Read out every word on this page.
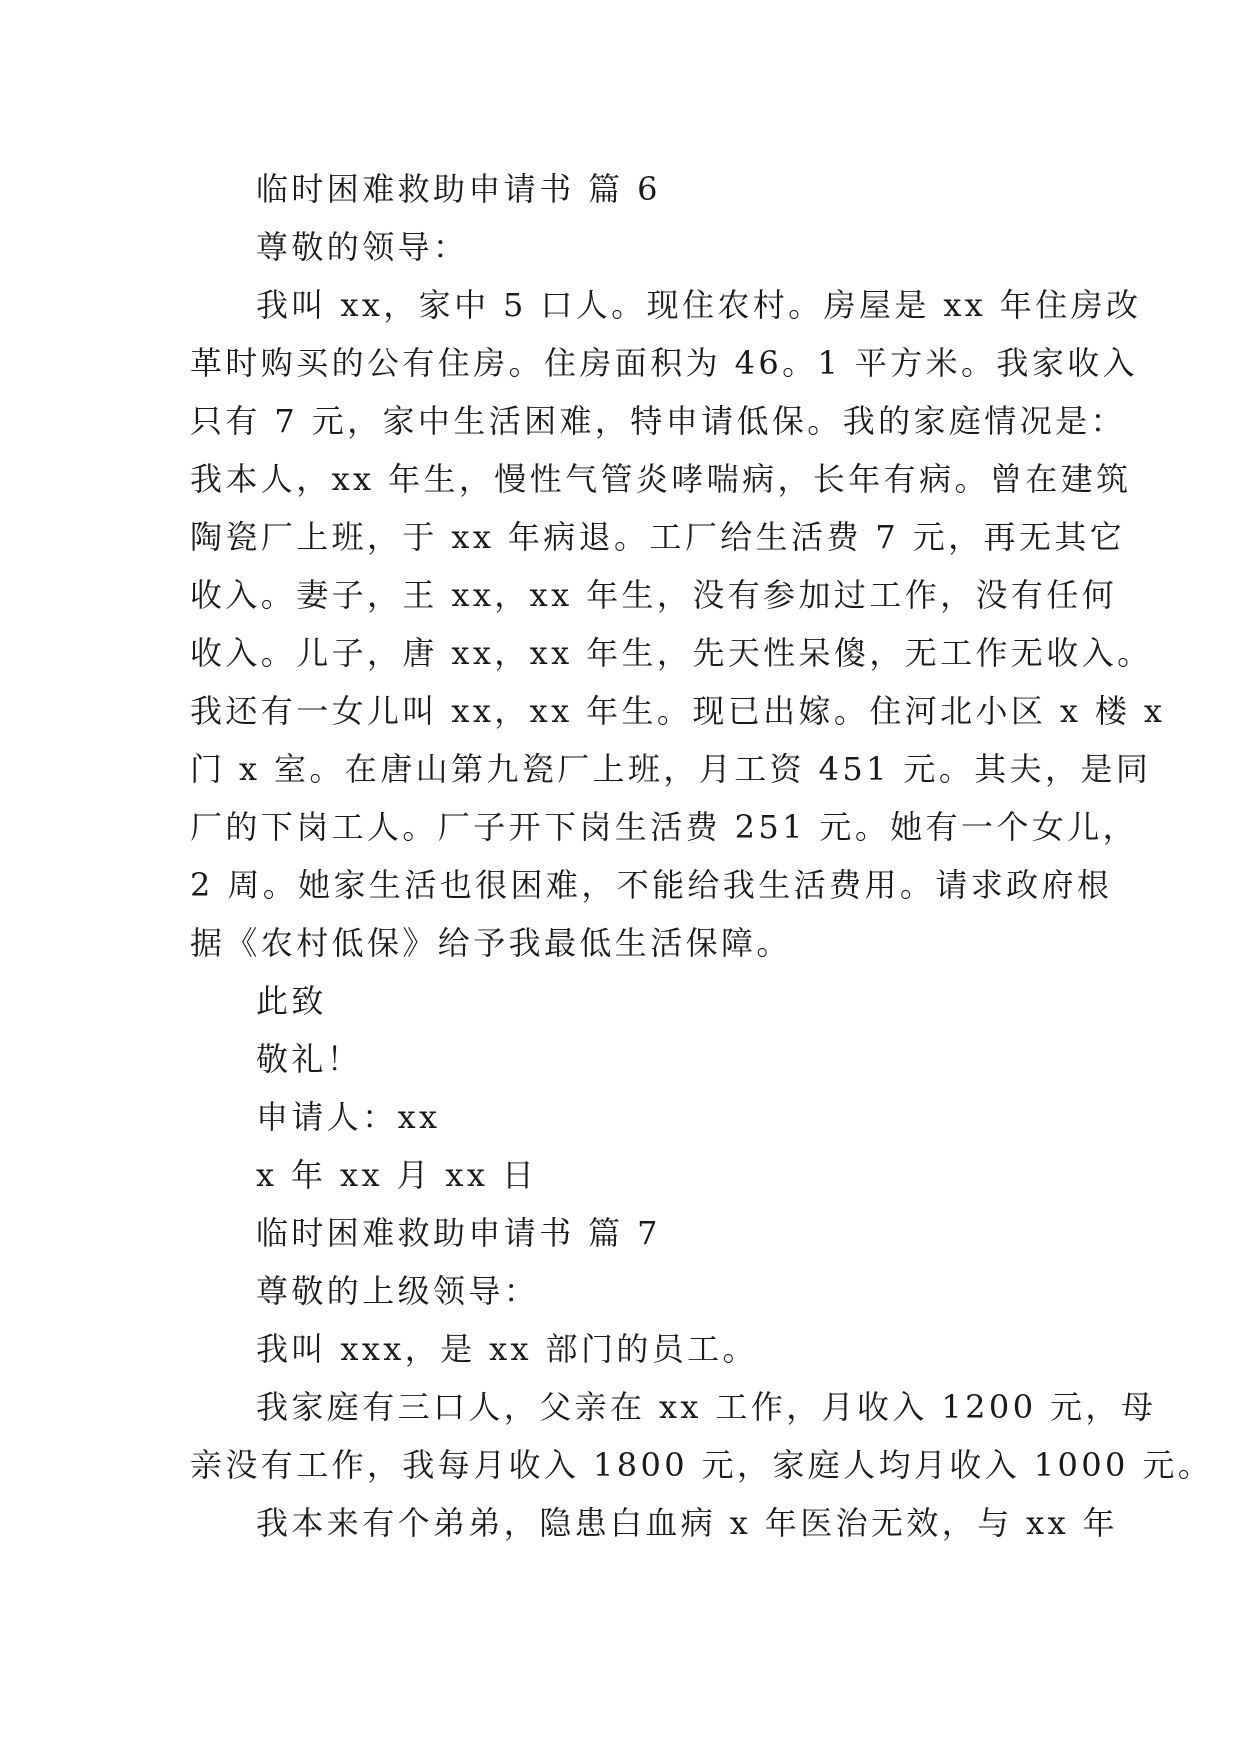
临时困难救助申请书 篇 6
尊敬的领导：
我叫 xx，家中 5 口人。现住农村。房屋是 xx 年住房改
革时购买的公有住房。住房面积为 46。1 平方米。我家收入
只有 7 元，家中生活困难，特申请低保。我的家庭情况是：
我本人，xx 年生，慢性气管炎哮喘病，长年有病。曾在建筑
陶瓷厂上班，于 xx 年病退。工厂给生活费 7 元，再无其它
收入。妻子，王 xx，xx 年生，没有参加过工作，没有任何
收入。儿子，唐 xx，xx 年生，先天性呆傻，无工作无收入。
我还有一女儿叫 xx，xx 年生。现已出嫁。住河北小区 x 楼 x
门 x 室。在唐山第九瓷厂上班，月工资 451 元。其夫，是同
厂的下岗工人。厂子开下岗生活费 251 元。她有一个女儿，
2 周。她家生活也很困难，不能给我生活费用。请求政府根
据《农村低保》给予我最低生活保障。
此致
敬礼！
申请人：xx
x 年 xx 月 xx 日
临时困难救助申请书 篇 7
尊敬的上级领导：
我叫 xxx，是 xx 部门的员工。
我家庭有三口人，父亲在 xx 工作，月收入 1200 元，母
亲没有工作，我每月收入 1800 元，家庭人均月收入 1000 元。
我本来有个弟弟，隐患白血病 x 年医治无效，与 xx 年
